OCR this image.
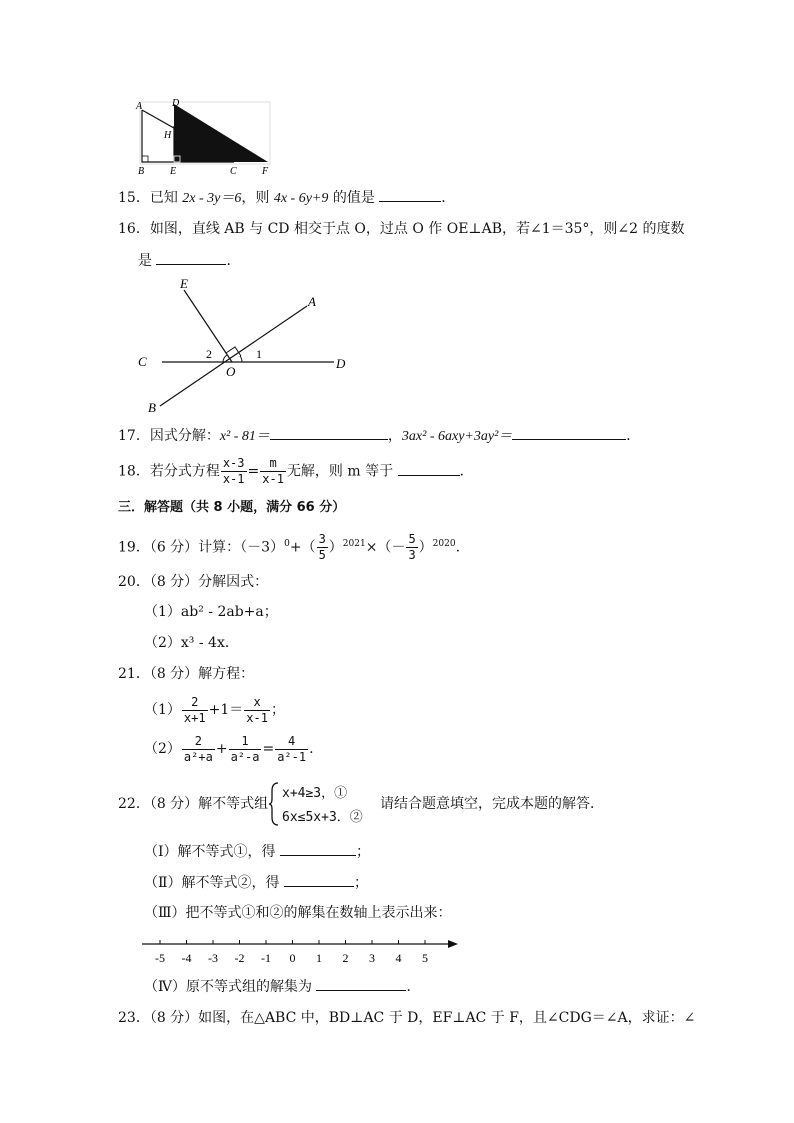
A	D
H
B	E	C	F
15．已知 2x - 3y＝6，则 4x - 6y+9 的值是	．
16．如图，直线 AB 与 CD 相交于点 O，过点 O 作 OE⊥AB，若∠1＝35°，则∠2 的度数
是	．
E
A
C	D
O
B
1
2
17．因式分解：x² - 81＝	，3ax² - 6axy+3ay²＝	．
18．若分式方程 $\frac{x-3}{x-1} = \frac{m}{x-1}$ 无解，则 m 等于	．
三．解答题（共 8 小题，满分 66 分）
19．（6 分）计算：$(-3)^0+( \frac{3}{5} )^{2021}\times(- \frac{5}{3} )^{2020}$.
20．（8 分）分解因式：
（1）ab² - 2ab+a；
（2）x³ - 4x．
21．（8 分）解方程：
$(1) \frac{2}{x+1} +1= \frac{x}{x-1}$ ；
$(2) \frac{2}{\text{a²+a}} + \frac{1}{\text{a²-a}} = \frac{4}{\text{a²-1}}$ .
22．（8 分）解不等式组
x+4≥3，①
6x≤5x+3．②
请结合题意填空，完成本题的解答．
（Ⅰ）解不等式①，得	；
（Ⅱ）解不等式②，得	；
（Ⅲ）把不等式①和②的解集在数轴上表示出来：
-5 -4 -3 -2 -1 0 1 2 3 4 5
（Ⅳ）原不等式组的解集为	．
23．（8 分）如图，在△ABC 中，BD⊥AC 于 D，EF⊥AC 于 F，且∠CDG＝∠A，求证：∠
